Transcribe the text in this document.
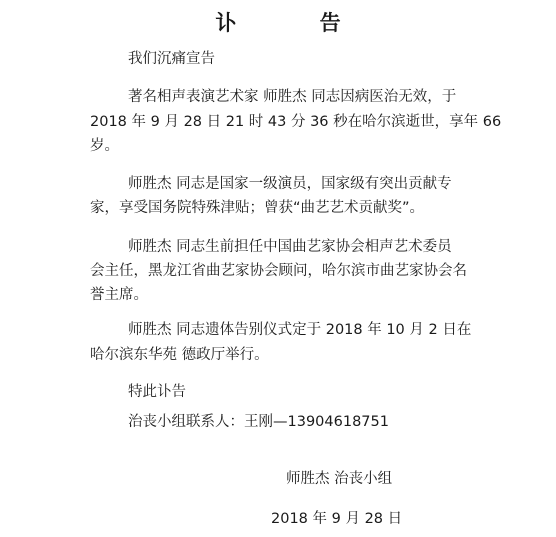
讣 告
我们沉痛宣告
著名相声表演艺术家 师胜杰 同志因病医治无效，于
2018 年 9 月 28 日 21 时 43 分 36 秒在哈尔滨逝世，享年 66
岁。
师胜杰 同志是国家一级演员，国家级有突出贡献专
家，享受国务院特殊津贴；曾获“曲艺艺术贡献奖”。
师胜杰 同志生前担任中国曲艺家协会相声艺术委员
会主任，黑龙江省曲艺家协会顾问，哈尔滨市曲艺家协会名
誉主席。
师胜杰 同志遗体告别仪式定于 2018 年 10 月 2 日在
哈尔滨东华苑 德政厅举行。
特此讣告
治丧小组联系人：王刚—13904618751
师胜杰 治丧小组
2018 年 9 月 28 日
